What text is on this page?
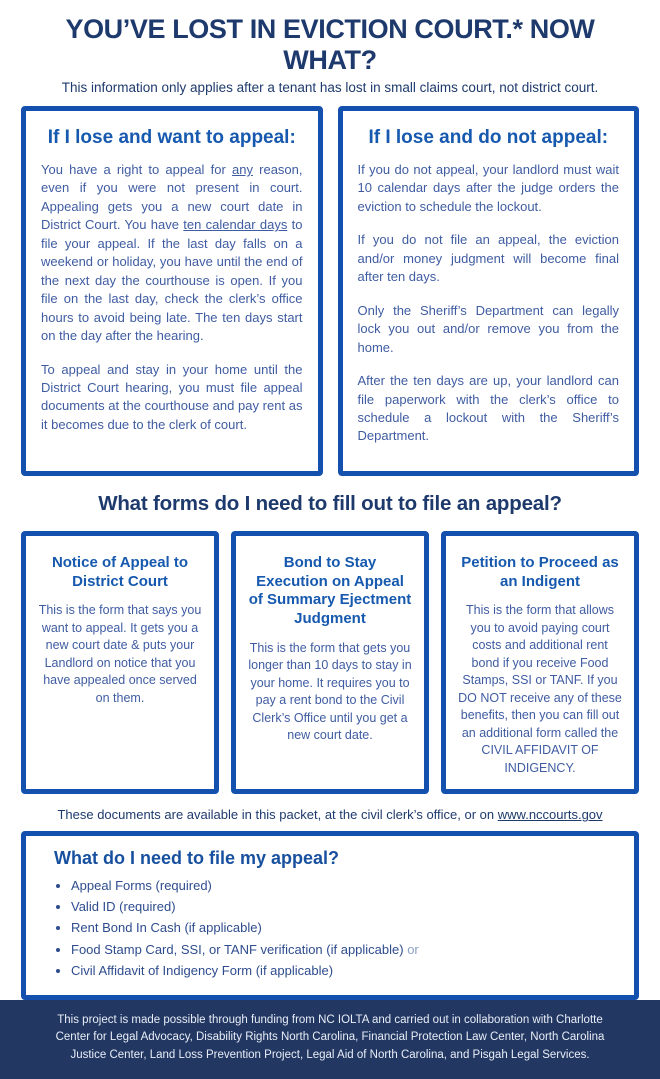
YOU’VE LOST IN EVICTION COURT.* NOW WHAT?

This information only applies after a tenant has lost in small claims court, not district court.

If I lose and want to appeal:

You have a right to appeal for any reason, even if you were not present in court. Appealing gets you a new court date in District Court. You have ten calendar days to file your appeal. If the last day falls on a weekend or holiday, you have until the end of the next day the courthouse is open. If you file on the last day, check the clerk’s office hours to avoid being late. The ten days start on the day after the hearing.

To appeal and stay in your home until the District Court hearing, you must file appeal documents at the courthouse and pay rent as it becomes due to the clerk of court.

If I lose and do not appeal:

If you do not appeal, your landlord must wait 10 calendar days after the judge orders the eviction to schedule the lockout.

If you do not file an appeal, the eviction and/or money judgment will become final after ten days.

Only the Sheriff’s Department can legally lock you out and/or remove you from the home.

After the ten days are up, your landlord can file paperwork with the clerk’s office to schedule a lockout with the Sheriff’s Department.

What forms do I need to fill out to file an appeal?
Notice of Appeal to District Court

This is the form that says you want to appeal. It gets you a new court date & puts your Landlord on notice that you have appealed once served on them.

Bond to Stay Execution on Appeal of Summary Ejectment Judgment

This is the form that gets you longer than 10 days to stay in your home. It requires you to pay a rent bond to the Civil Clerk’s Office until you get a new court date.

Petition to Proceed as an Indigent

This is the form that allows you to avoid paying court costs and additional rent bond if you receive Food Stamps, SSI or TANF. If you DO NOT receive any of these benefits, then you can fill out an additional form called the CIVIL AFFIDAVIT OF INDIGENCY.

These documents are available in this packet, at the civil clerk’s office, or on www.nccourts.gov

What do I need to file my appeal?
• Appeal Forms (required)
• Valid ID (required)
• Rent Bond In Cash (if applicable)
• Food Stamp Card, SSI, or TANF verification (if applicable) or
• Civil Affidavit of Indigency Form (if applicable)

This project is made possible through funding from NC IOLTA and carried out in collaboration with Charlotte Center for Legal Advocacy, Disability Rights North Carolina, Financial Protection Law Center, North Carolina Justice Center, Land Loss Prevention Project, Legal Aid of North Carolina, and Pisgah Legal Services.
